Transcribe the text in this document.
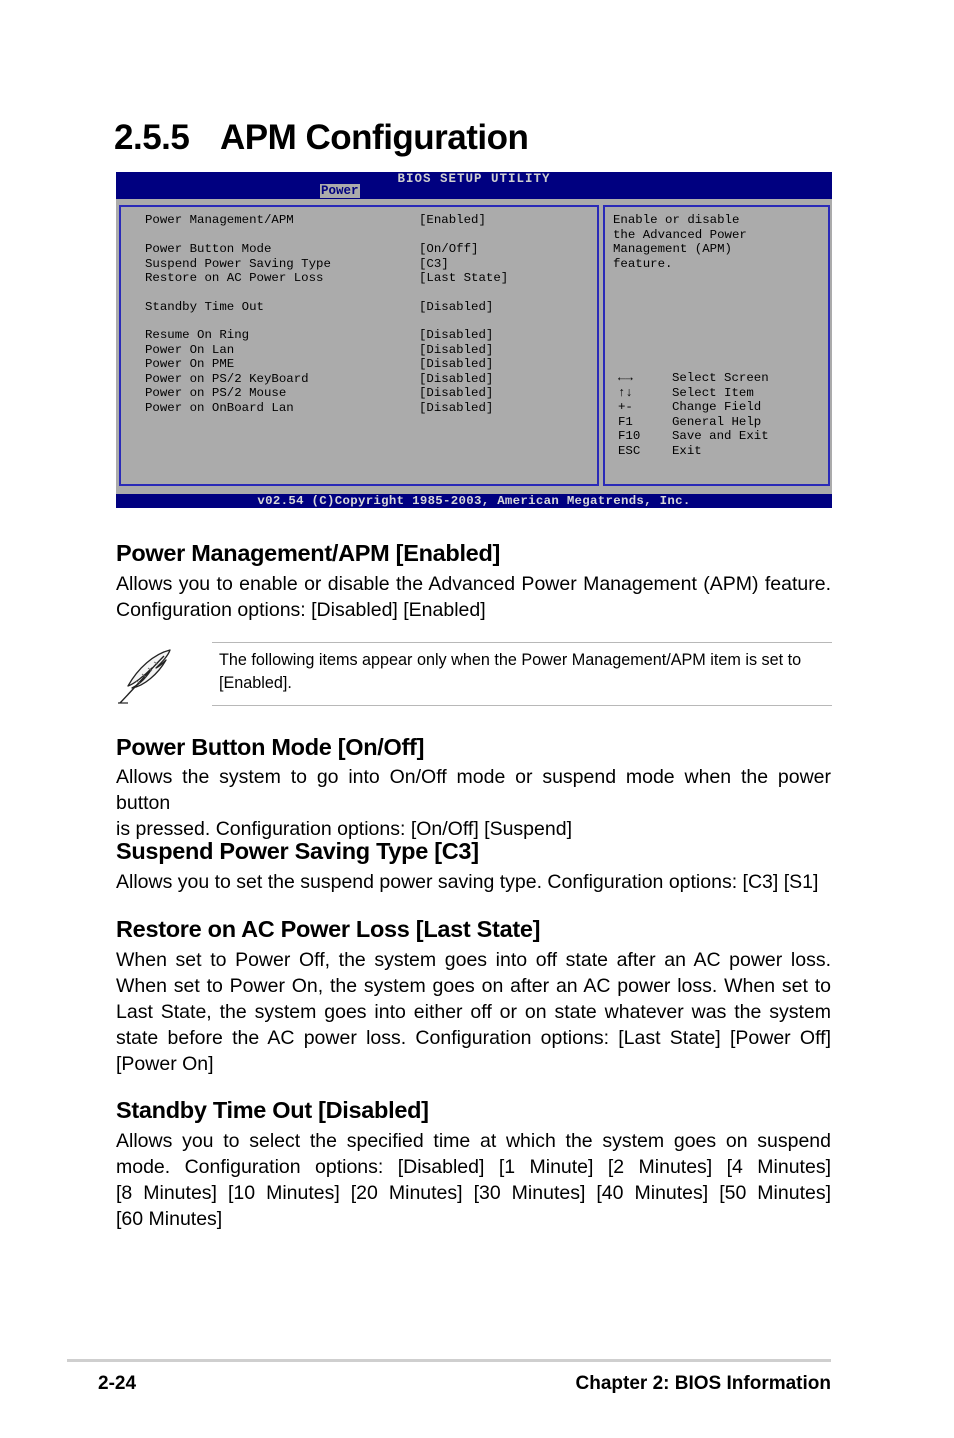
2.5.5 APM Configuration
BIOS SETUP UTILITY
Power
Power Management/APM	[Enabled]
Power Button Mode	[On/Off]
Suspend Power Saving Type	[C3]
Restore on AC Power Loss	[Last State]
Standby Time Out	[Disabled]
Resume On Ring	[Disabled]
Power On Lan	[Disabled]
Power On PME	[Disabled]
Power on PS/2 KeyBoard	[Disabled]
Power on PS/2 Mouse	[Disabled]
Power on OnBoard Lan	[Disabled]
Enable or disable
the Advanced Power
Management (APM)
feature.
←→	Select Screen
↑↓	Select Item
+-	Change Field
F1	General Help
F10	Save and Exit
ESC	Exit
v02.54 (C)Copyright 1985-2003, American Megatrends, Inc.
Power Management/APM [Enabled]

Allows you to enable or disable the Advanced Power Management (APM) feature.
Configuration options: [Disabled] [Enabled]

The following items appear only when the Power Management/APM item is set to [Enabled].

Power Button Mode [On/Off]

Allows the system to go into On/Off mode or suspend mode when the power button
is pressed. Configuration options: [On/Off] [Suspend]

Suspend Power Saving Type [C3]

Allows you to set the suspend power saving type. Configuration options: [C3] [S1]

Restore on AC Power Loss [Last State]

When set to Power Off, the system goes into off state after an AC power loss.
When set to Power On, the system goes on after an AC power loss. When set to
Last State, the system goes into either off or on state whatever was the system
state before the AC power loss. Configuration options: [Last State] [Power Off]
[Power On]

Standby Time Out [Disabled]

Allows you to select the specified time at which the system goes on suspend
mode. Configuration options: [Disabled] [1 Minute] [2 Minutes] [4 Minutes]
[8 Minutes] [10 Minutes] [20 Minutes] [30 Minutes] [40 Minutes] [50 Minutes]
[60 Minutes]

2-24	Chapter 2: BIOS Information
